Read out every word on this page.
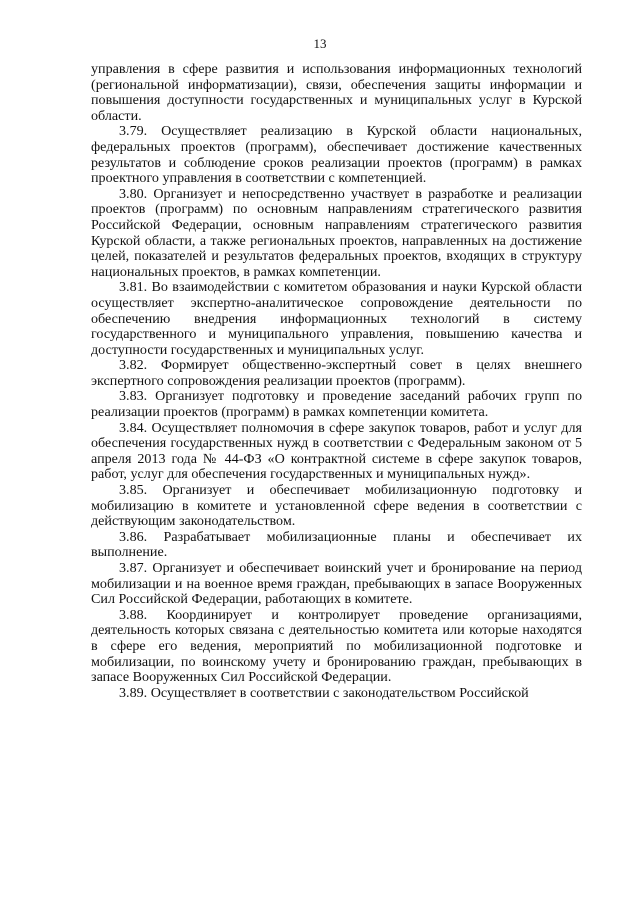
13

управления в сфере развития и использования информационных технологий (региональной информатизации), связи, обеспечения защиты информации и повышения доступности государственных и муниципальных услуг в Курской области.

3.79. Осуществляет реализацию в Курской области национальных, федеральных проектов (программ), обеспечивает достижение качественных результатов и соблюдение сроков реализации проектов (программ) в рамках проектного управления в соответствии с компетенцией.

3.80. Организует и непосредственно участвует в разработке и реализации проектов (программ) по основным направлениям стратегического развития Российской Федерации, основным направлениям стратегического развития Курской области, а также региональных проектов, направленных на достижение целей, показателей и результатов федеральных проектов, входящих в структуру национальных проектов, в рамках компетенции.

3.81. Во взаимодействии с комитетом образования и науки Курской области осуществляет экспертно-аналитическое сопровождение деятельности по обеспечению внедрения информационных технологий в систему государственного и муниципального управления, повышению качества и доступности государственных и муниципальных услуг.

3.82. Формирует общественно-экспертный совет в целях внешнего экспертного сопровождения реализации проектов (программ).

3.83. Организует подготовку и проведение заседаний рабочих групп по реализации проектов (программ) в рамках компетенции комитета.

3.84. Осуществляет полномочия в сфере закупок товаров, работ и услуг для обеспечения государственных нужд в соответствии с Федеральным законом от 5 апреля 2013 года № 44-ФЗ «О контрактной системе в сфере закупок товаров, работ, услуг для обеспечения государственных и муниципальных нужд».

3.85. Организует и обеспечивает мобилизационную подготовку и мобилизацию в комитете и установленной сфере ведения в соответствии с действующим законодательством.

3.86. Разрабатывает мобилизационные планы и обеспечивает их выполнение.

3.87. Организует и обеспечивает воинский учет и бронирование на период мобилизации и на военное время граждан, пребывающих в запасе Вооруженных Сил Российской Федерации, работающих в комитете.

3.88. Координирует и контролирует проведение организациями, деятельность которых связана с деятельностью комитета или которые находятся в сфере его ведения, мероприятий по мобилизационной подготовке и мобилизации, по воинскому учету и бронированию граждан, пребывающих в запасе Вооруженных Сил Российской Федерации.

3.89. Осуществляет в соответствии с законодательством Российской
